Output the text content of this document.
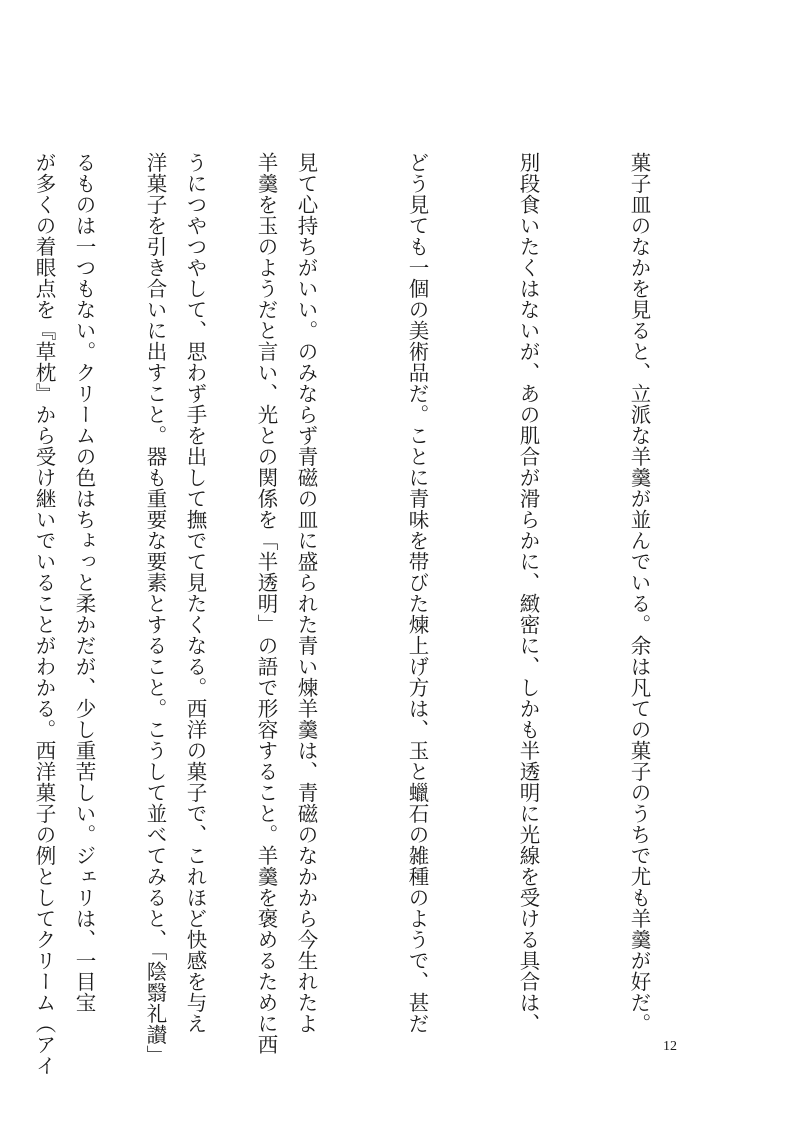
菓子皿のなかを見ると、立派な羊羹が並んでいる。余は凡ての菓子のうちで尤も羊羹が好だ。

別段食いたくはないが、あの肌合が滑らかに、緻密に、しかも半透明に光線を受ける具合は、

どう見ても一個の美術品だ。ことに青味を帯びた煉上げ方は、玉と蠟石の雑種のようで、甚だ

見て心持ちがいい。のみならず青磁の皿に盛られた青い煉羊羹は、青磁のなかから今生れたよ

うにつやつやして、思わず手を出して撫でて見たくなる。西洋の菓子で、これほど快感を与え

るものは一つもない。クリームの色はちょっと柔かだが、少し重苦しい。ジェリは、一目宝

	羊羹を玉のようだと言い、光との関係を「半透明」の語で形容すること。羊羹を褒めるために西

洋菓子を引き合いに出すこと。器も重要な要素とすること。こうして並べてみると、「陰翳礼讃」

が多くの着眼点を『草枕』から受け継いでいることがわかる。西洋菓子の例としてクリーム（アイ

	12
